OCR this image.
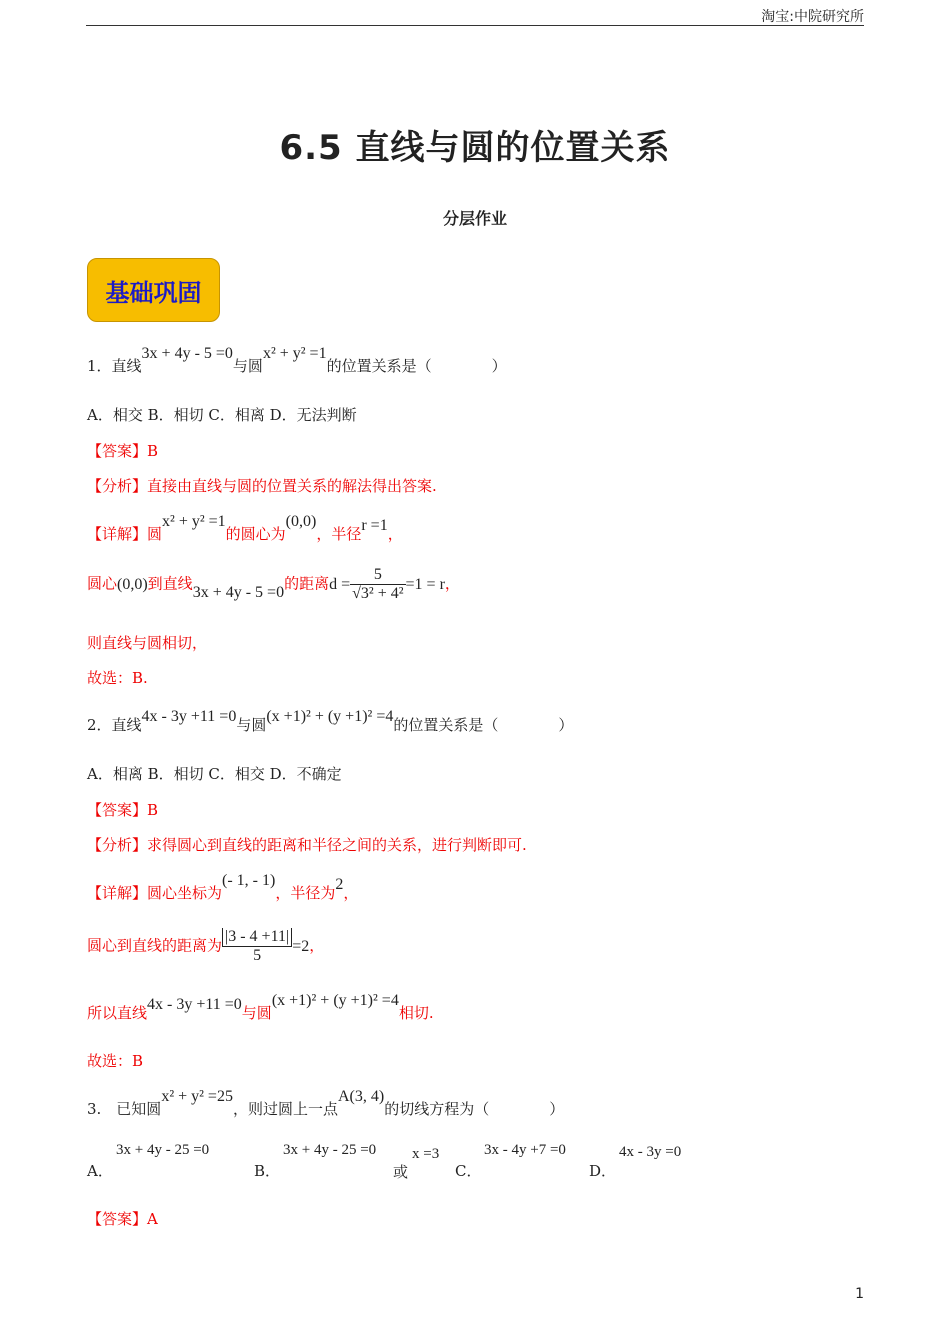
淘宝:中院研究所
6.5 直线与圆的位置关系
分层作业
基础巩固
1．直线3x + 4y - 5 =0与圆x² + y² =1的位置关系是（　　　　）
A．相交 B．相切 C．相离 D．无法判断
【答案】B
【分析】直接由直线与圆的位置关系的解法得出答案.
【详解】圆x² + y² =1的圆心为(0,0)，半径r =1，
圆心(0,0)到直线3x + 4y - 5 =0的距离$d = \frac{5}{\text{√3² + 4²}} =1 = r$，
则直线与圆相切，
故选：B.
2．直线4x - 3y +11 =0与圆(x +1)² + (y +1)² =4的位置关系是（　　　　）
A．相离 B．相切 C．相交 D．不确定
【答案】B
【分析】求得圆心到直线的距离和半径之间的关系，进行判断即可.
【详解】圆心坐标为(- 1, - 1)，半径为2，
圆心到直线的距离为 $\frac{|3 - 4 +11|}{5} =2$，
所以直线4x - 3y +11 =0与圆(x +1)² + (y +1)² =4相切.
故选：B
3.　已知圆x² + y² =25，则过圆上一点A(3, 4)的切线方程为（　　　　）
A．
3x + 4y - 25 =0
B．
3x + 4y - 25 =0
或
x =3
C．
3x - 4y +7 =0
D．
4x - 3y =0
【答案】A
1
